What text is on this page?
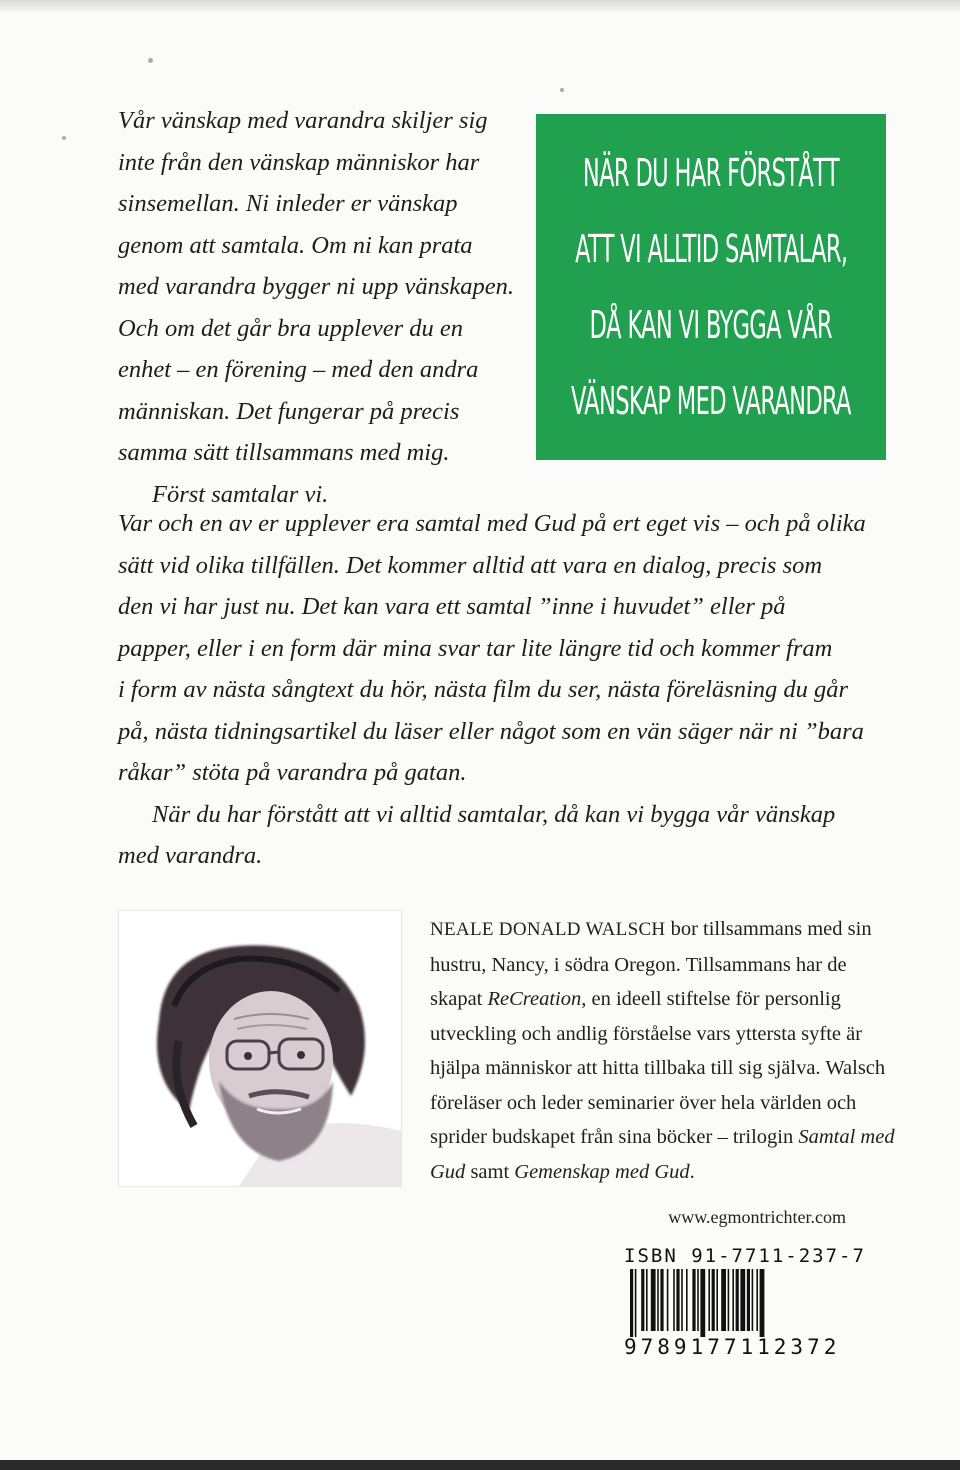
Vår vänskap med varandra skiljer sig

inte från den vänskap människor har

sinsemellan. Ni inleder er vänskap

genom att samtala. Om ni kan prata

med varandra bygger ni upp vänskapen.

Och om det går bra upplever du en

enhet – en förening – med den andra

människan. Det fungerar på precis

samma sätt tillsammans med mig.

Först samtalar vi.

NÄR DU HAR FÖRSTÅTT
ATT VI ALLTID SAMTALAR,
DÅ KAN VI BYGGA VÅR
VÄNSKAP MED VARANDRA

Var och en av er upplever era samtal med Gud på ert eget vis – och på olika

sätt vid olika tillfällen. Det kommer alltid att vara en dialog, precis som

den vi har just nu. Det kan vara ett samtal ”inne i huvudet” eller på

papper, eller i en form där mina svar tar lite längre tid och kommer fram

i form av nästa sångtext du hör, nästa film du ser, nästa föreläsning du går

på, nästa tidningsartikel du läser eller något som en vän säger när ni ”bara

råkar” stöta på varandra på gatan.

När du har förstått att vi alltid samtalar, då kan vi bygga vår vänskap

med varandra.

NEALE DONALD WALSCH bor tillsammans med sin hustru, Nancy, i södra Oregon. Tillsammans har de skapat ReCreation, en ideell stiftelse för personlig utveckling och andlig förståelse vars yttersta syfte är hjälpa människor att hitta tillbaka till sig själva. Walsch föreläser och leder seminarier över hela världen och sprider budskapet från sina böcker – trilogin Samtal med Gud samt Gemenskap med Gud.
www.egmontrichter.com
ISBN 91-7711-237-7
9789177112372
